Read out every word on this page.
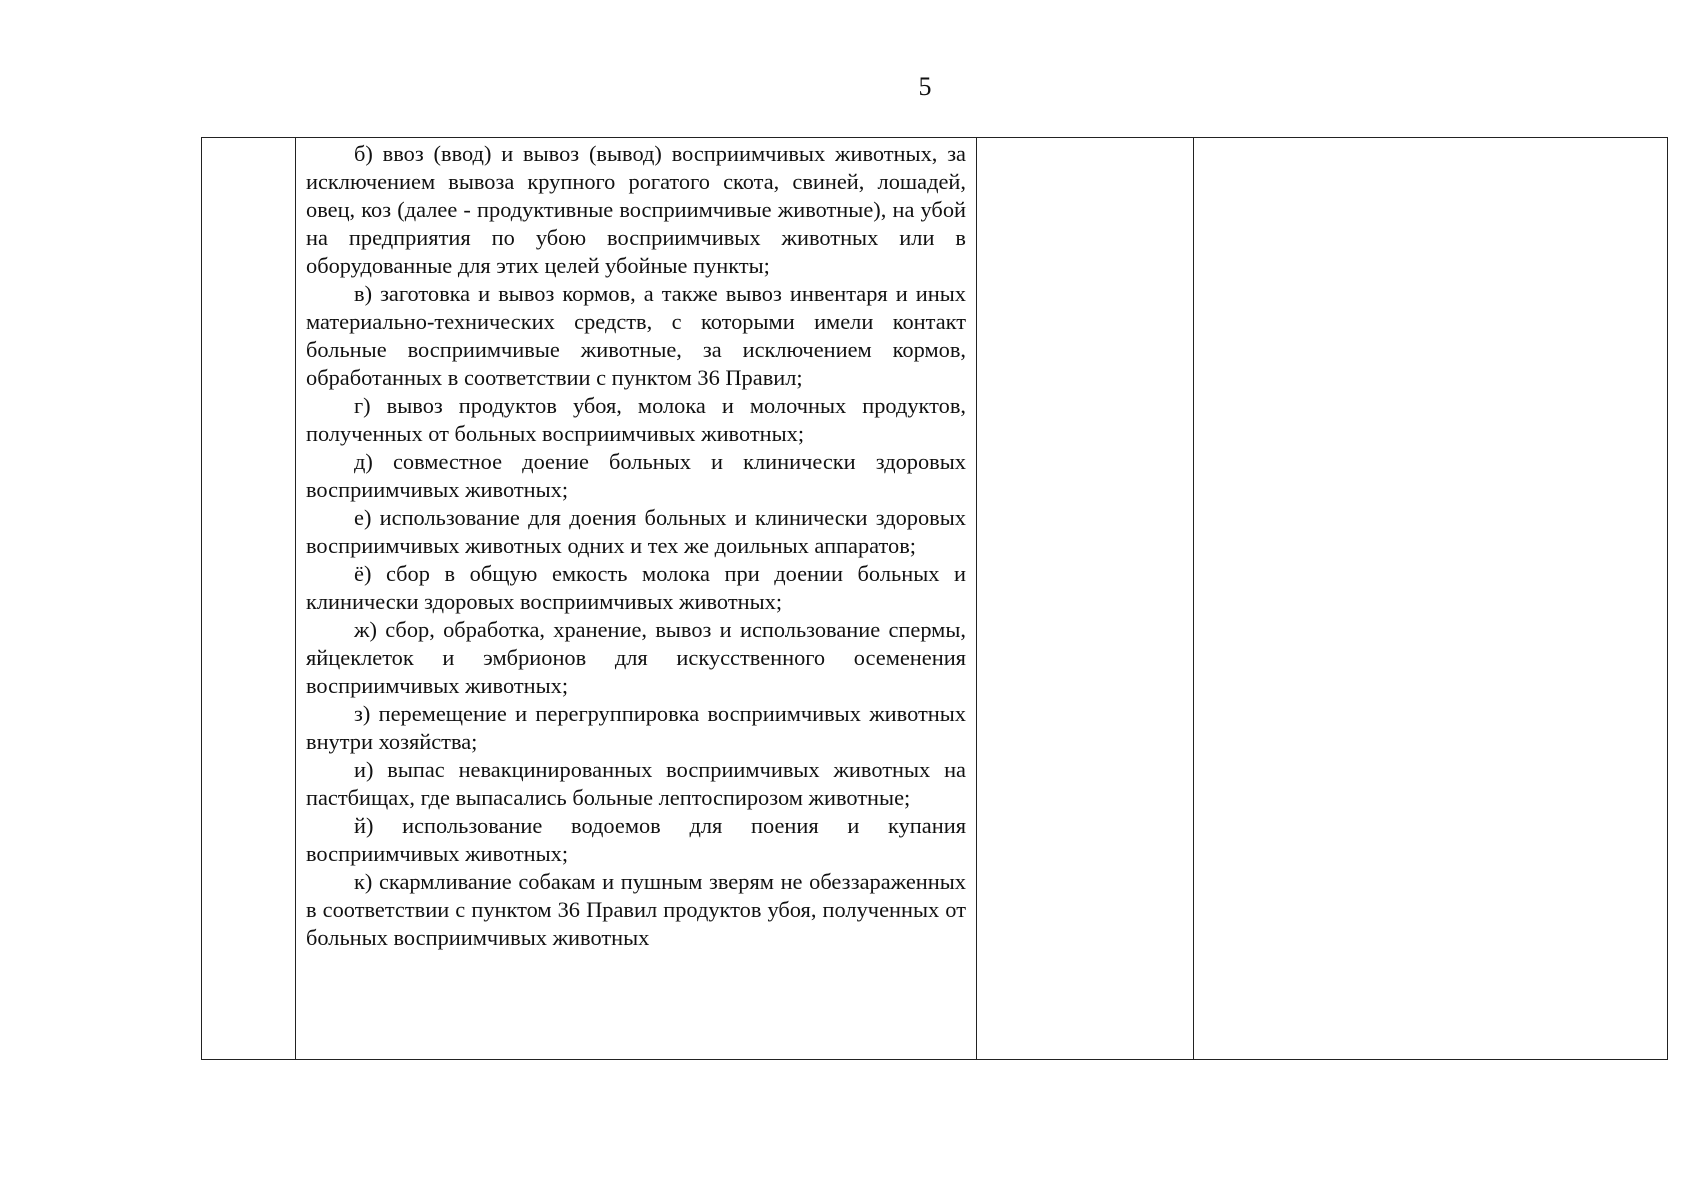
5

б) ввоз (ввод) и вывоз (вывод) восприимчивых животных, за исключением вывоза крупного рогатого скота, свиней, лошадей, овец, коз (далее - продуктивные восприимчивые животные), на убой на предприятия по убою восприимчивых животных или в оборудованные для этих целей убойные пункты;

в) заготовка и вывоз кормов, а также вывоз инвентаря и иных материально-технических средств, с которыми имели контакт больные восприимчивые животные, за исключением кормов, обработанных в соответствии с пунктом 36 Правил;

г) вывоз продуктов убоя, молока и молочных продуктов, полученных от больных восприимчивых животных;

д) совместное доение больных и клинически здоровых восприимчивых животных;

е) использование для доения больных и клинически здоровых восприимчивых животных одних и тех же доильных аппаратов;

ё) сбор в общую емкость молока при доении больных и клинически здоровых восприимчивых животных;

ж) сбор, обработка, хранение, вывоз и использование спермы, яйцеклеток и эмбрионов для искусственного осеменения восприимчивых животных;

з) перемещение и перегруппировка восприимчивых животных внутри хозяйства;

и) выпас невакцинированных восприимчивых животных на пастбищах, где выпасались больные лептоспирозом животные;

й) использование водоемов для поения и купания восприимчивых животных;

к) скармливание собакам и пушным зверям не обеззараженных в соответствии с пунктом 36 Правил продуктов убоя, полученных от больных восприимчивых животных
